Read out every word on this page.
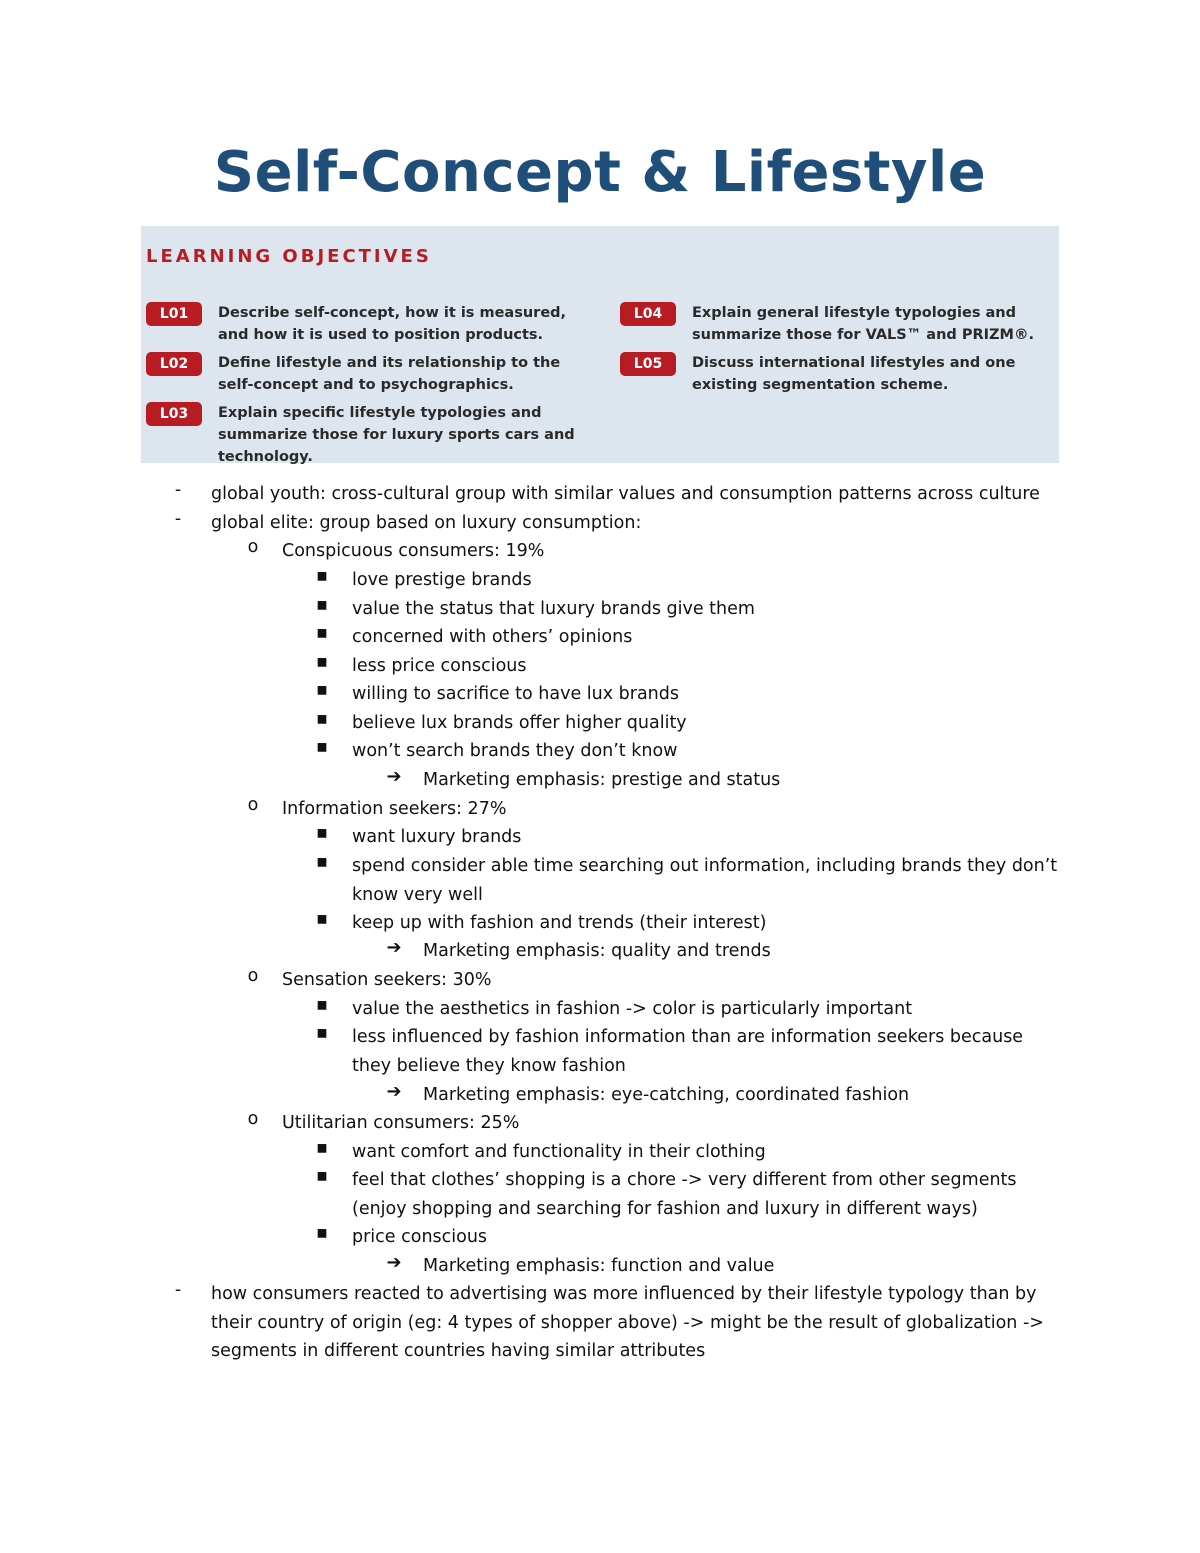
Self-Concept & Lifestyle
LEARNING OBJECTIVES
L01	Describe self-concept, how it is measured, and how it is used to position products.
L02	Define lifestyle and its relationship to the self-concept and to psychographics.
L03	Explain specific lifestyle typologies and summarize those for luxury sports cars and technology.
L04	Explain general lifestyle typologies and summarize those for VALS™ and PRIZM®.
L05	Discuss international lifestyles and one existing segmentation scheme.
-	global youth: cross-cultural group with similar values and consumption patterns across culture
-	global elite: group based on luxury consumption:
o Conspicuous consumers: 19%
▪ love prestige brands
▪ value the status that luxury brands give them
▪ concerned with others’ opinions
▪ less price conscious
▪ willing to sacrifice to have lux brands
▪ believe lux brands offer higher quality
▪ won’t search brands they don’t know
➔ Marketing emphasis: prestige and status
o Information seekers: 27%
▪ want luxury brands
▪ spend consider able time searching out information, including brands they don’t know very well
▪ keep up with fashion and trends (their interest)
➔ Marketing emphasis: quality and trends
o Sensation seekers: 30%
▪ value the aesthetics in fashion -> color is particularly important
▪ less influenced by fashion information than are information seekers because they believe they know fashion
➔ Marketing emphasis: eye-catching, coordinated fashion
o Utilitarian consumers: 25%
▪ want comfort and functionality in their clothing
▪ feel that clothes’ shopping is a chore -> very different from other segments (enjoy shopping and searching for fashion and luxury in different ways)
▪ price conscious
➔ Marketing emphasis: function and value
-	how consumers reacted to advertising was more influenced by their lifestyle typology than by their country of origin (eg: 4 types of shopper above) -> might be the result of globalization -> segments in different countries having similar attributes
